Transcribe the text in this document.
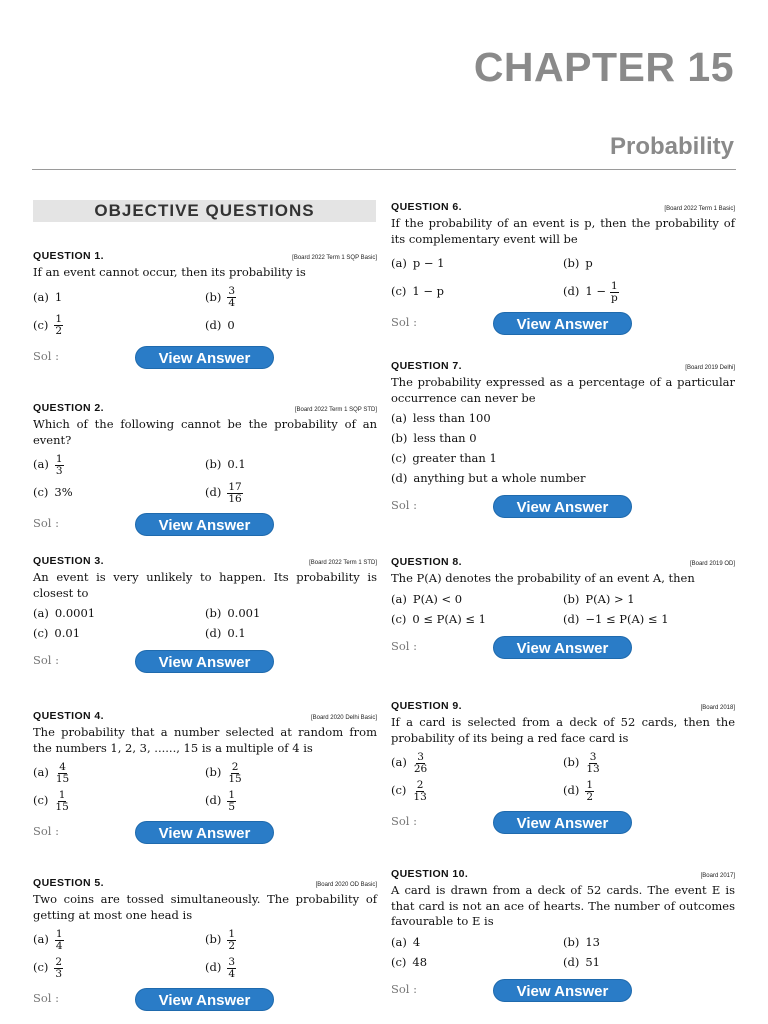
CHAPTER 15
Probability
OBJECTIVE QUESTIONS
QUESTION 1.	[Board 2022 Term 1 SQP Basic]
If an event cannot occur, then its probability is
(a) 1	$(b) \frac{3}{4}$
$(c) \frac{1}{2}$	(d) 0
Sol :	View Answer
QUESTION 2.	[Board 2022 Term 1 SQP STD]
Which of the following cannot be the probability of an event?
$(a) \frac{1}{3}$	(b) 0.1
(c) 3%	$(d) \frac{17}{16}$
Sol :	View Answer
QUESTION 3.	[Board 2022 Term 1 STD]
An event is very unlikely to happen. Its probability is closest to
(a) 0.0001	(b) 0.001
(c) 0.01	(d) 0.1
Sol :	View Answer
QUESTION 4.	[Board 2020 Delhi Basic]
The probability that a number selected at random from the numbers 1, 2, 3, ......, 15 is a multiple of 4 is
$(a) \frac{4}{15}$	$(b) \frac{2}{15}$
$(c) \frac{1}{15}$	$(d) \frac{1}{5}$
Sol :	View Answer
QUESTION 5.	[Board 2020 OD Basic]
Two coins are tossed simultaneously. The probability of getting at most one head is
$(a) \frac{1}{4}$	$(b) \frac{1}{2}$
$(c) \frac{2}{3}$	$(d) \frac{3}{4}$
Sol :	View Answer
QUESTION 6.	[Board 2022 Term 1 Basic]
If the probability of an event is p, then the probability of its complementary event will be
(a) p − 1	(b) p
(c) 1 − p	(d) $1 - \frac{1}{p}$
Sol :	View Answer
QUESTION 7.	[Board 2019 Delhi]
The probability expressed as a percentage of a particular occurrence can never be
(a) less than 100
(b) less than 0
(c) greater than 1
(d) anything but a whole number
Sol :	View Answer
QUESTION 8.	[Board 2019 OD]
The P(A) denotes the probability of an event A, then
(a) P(A) < 0	(b) P(A) > 1
(c) 0 ≤ P(A) ≤ 1	(d) −1 ≤ P(A) ≤ 1
Sol :	View Answer
QUESTION 9.	[Board 2018]
If a card is selected from a deck of 52 cards, then the probability of its being a red face card is
$(a) \frac{3}{26}$	$(b) \frac{3}{13}$
$(c) \frac{2}{13}$	$(d) \frac{1}{2}$
Sol :	View Answer
QUESTION 10.	[Board 2017]
A card is drawn from a deck of 52 cards. The event E is that card is not an ace of hearts. The number of outcomes favourable to E is
(a) 4	(b) 13
(c) 48	(d) 51
Sol :	View Answer
